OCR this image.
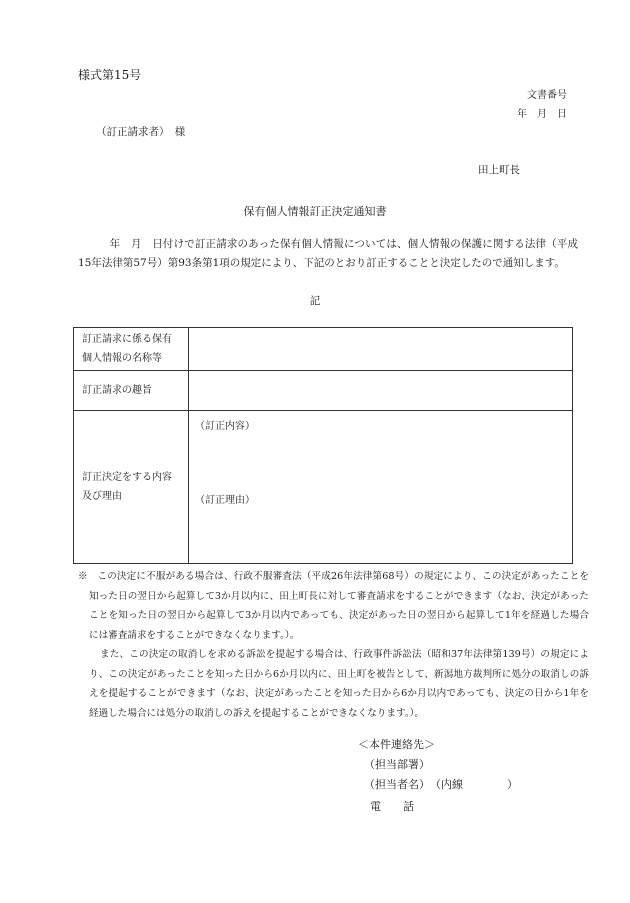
様式第15号
文書番号
年　月　日
（訂正請求者）　様
田上町長
保有個人情報訂正決定通知書
　年　月　日付けで訂正請求のあった保有個人情報については、個人情報の保護に関する法律（平成15年法律第57号）第93条第1項の規定により、下記のとおり訂正することと決定したので通知します。
記
訂正請求に係る保有個人情報の名称等	
訂正請求の趣旨	
訂正決定をする内容及び理由	（訂正内容）
（訂正理由）
※　この決定に不服がある場合は、行政不服審査法（平成26年法律第68号）の規定により、この決定があったことを知った日の翌日から起算して3か月以内に、田上町長に対して審査請求をすることができます（なお、決定があったことを知った日の翌日から起算して3か月以内であっても、決定があった日の翌日から起算して1年を経過した場合には審査請求をすることができなくなります。）。
また、この決定の取消しを求める訴訟を提起する場合は、行政事件訴訟法（昭和37年法律第139号）の規定により、この決定があったことを知った日から6か月以内に、田上町を被告として、新潟地方裁判所に処分の取消しの訴えを提起することができます（なお、決定があったことを知った日から6か月以内であっても、決定の日から1年を経過した場合には処分の取消しの訴えを提起することができなくなります。）。
＜本件連絡先＞
（担当部署）
（担当者名）　（内線　　　　）
電　　話
